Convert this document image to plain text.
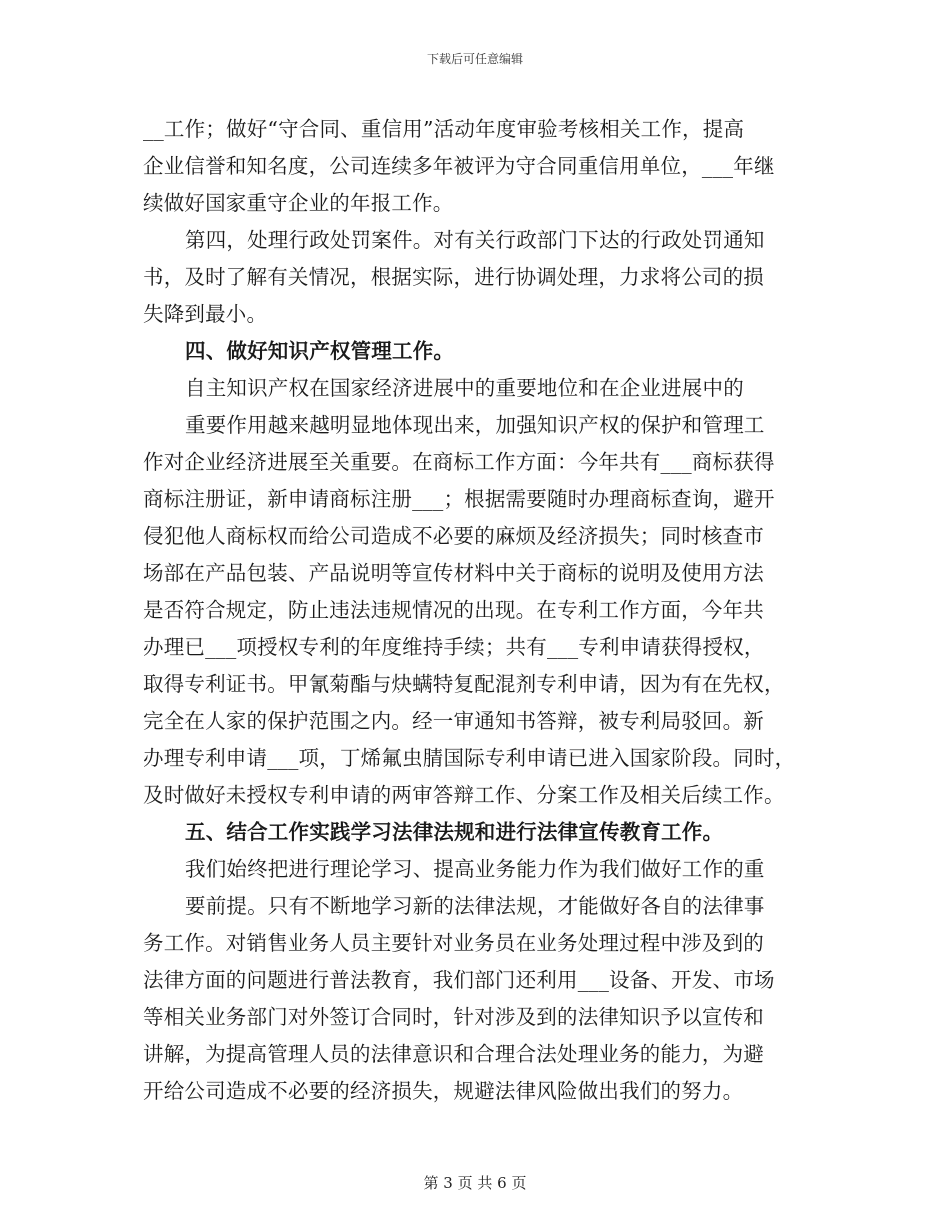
下载后可任意编辑
__工作；做好“守合同、重信用”活动年度审验考核相关工作，提高
企业信誉和知名度，公司连续多年被评为守合同重信用单位，___年继
续做好国家重守企业的年报工作。
第四，处理行政处罚案件。对有关行政部门下达的行政处罚通知
书，及时了解有关情况，根据实际，进行协调处理，力求将公司的损
失降到最小。
四、做好知识产权管理工作。
自主知识产权在国家经济进展中的重要地位和在企业进展中的
重要作用越来越明显地体现出来，加强知识产权的保护和管理工
作对企业经济进展至关重要。在商标工作方面：今年共有___商标获得
商标注册证，新申请商标注册___；根据需要随时办理商标查询，避开
侵犯他人商标权而给公司造成不必要的麻烦及经济损失；同时核查市
场部在产品包装、产品说明等宣传材料中关于商标的说明及使用方法
是否符合规定，防止违法违规情况的出现。在专利工作方面，今年共
办理已___项授权专利的年度维持手续；共有___专利申请获得授权，
取得专利证书。甲氰菊酯与炔螨特复配混剂专利申请，因为有在先权，
完全在人家的保护范围之内。经一审通知书答辩，被专利局驳回。新
办理专利申请___项，丁烯氟虫腈国际专利申请已进入国家阶段。同时，
及时做好未授权专利申请的两审答辩工作、分案工作及相关后续工作。
五、结合工作实践学习法律法规和进行法律宣传教育工作。
我们始终把进行理论学习、提高业务能力作为我们做好工作的重
要前提。只有不断地学习新的法律法规，才能做好各自的法律事
务工作。对销售业务人员主要针对业务员在业务处理过程中涉及到的
法律方面的问题进行普法教育，我们部门还利用___设备、开发、市场
等相关业务部门对外签订合同时，针对涉及到的法律知识予以宣传和
讲解，为提高管理人员的法律意识和合理合法处理业务的能力，为避
开给公司造成不必要的经济损失，规避法律风险做出我们的努力。
第 3 页 共 6 页
